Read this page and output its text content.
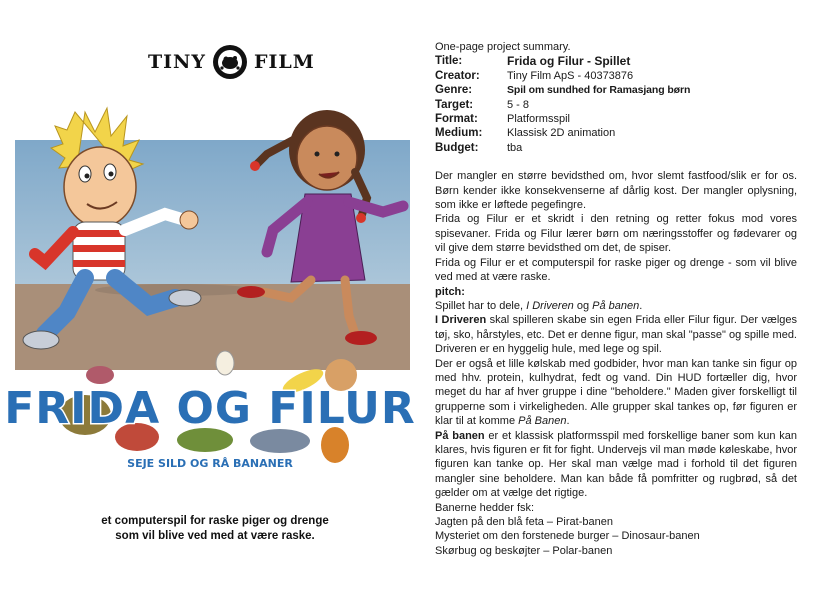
TINY	FILM
FRIDA OG FILUR
SEJE SILD OG RÅ BANANER
et computerspil for raske piger og drenge
som vil blive ved med at være raske.

One-page project summary.

Title:	Frida og Filur - Spillet
Creator:	Tiny Film ApS - 40373876
Genre:	Spil om sundhed for Ramasjang børn
Target:	5 - 8
Format:	Platformsspil
Medium:	Klassisk 2D animation
Budget:	tba

Der mangler en større bevidsthed om, hvor slemt fastfood/slik er for os. Børn kender ikke konsekvenserne af dårlig kost. Der mangler oplysning, som ikke er løftede pegefingre.

Frida og Filur er et skridt i den retning og retter fokus mod vores spisevaner. Frida og Filur lærer børn om næringsstoffer og fødevarer og vil give dem større bevidsthed om det, de spiser.

Frida og Filur er et computerspil for raske piger og drenge - som vil blive ved med at være raske.

pitch:

Spillet har to dele, I Driveren og På banen.

I Driveren skal spilleren skabe sin egen Frida eller Filur figur. Der vælges tøj, sko, hårstyles, etc. Det er denne figur, man skal "passe" og spille med. Driveren er en hyggelig hule, med lege og spil.

Der er også et lille kølskab med godbider, hvor man kan tanke sin figur op med hhv. protein, kulhydrat, fedt og vand. Din HUD fortæller dig, hvor meget du har af hver gruppe i dine "beholdere." Maden giver forskelligt til grupperne som i virkeligheden. Alle grupper skal tankes op, før figuren er klar til at komme På Banen.

På banen er et klassisk platformsspil med forskellige baner som kun kan klares, hvis figuren er fit for fight. Undervejs vil man møde køleskabe, hvor figuren kan tanke op. Her skal man vælge mad i forhold til det figuren mangler sine beholdere. Man kan både få pomfritter og rugbrød, så det gælder om at vælge det rigtige.

Banerne hedder fsk:

Jagten på den blå feta – Pirat-banen

Mysteriet om den forstenede burger – Dinosaur-banen

Skørbug og beskøjter – Polar-banen
